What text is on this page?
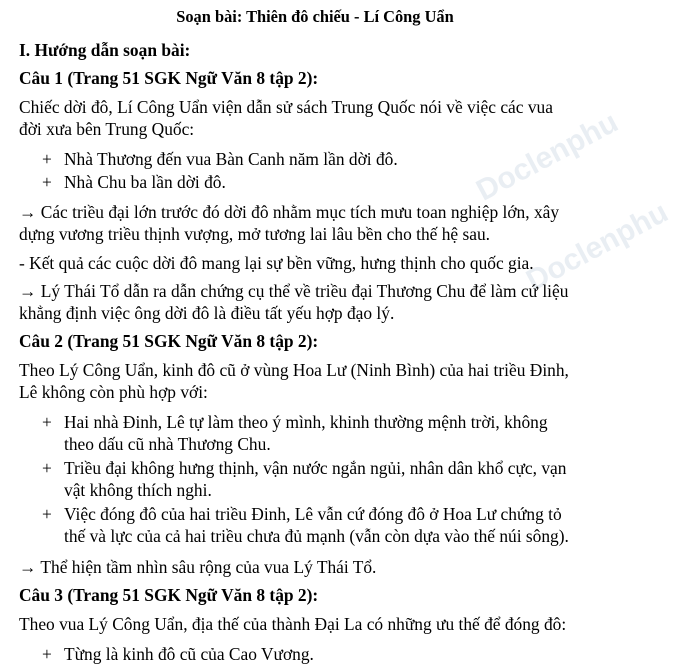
Doclenphu
Doclenphu
Soạn bài: Thiên đô chiếu - Lí Công Uẩn
I. Hướng dẫn soạn bài:
Câu 1 (Trang 51 SGK Ngữ Văn 8 tập 2):
Chiếc dời đô, Lí Công Uẩn viện dẫn sử sách Trung Quốc nói về việc các vua
đời xưa bên Trung Quốc:
+ Nhà Thương đến vua Bàn Canh năm lần dời đô.
+ Nhà Chu ba lần dời đô.
→ Các triều đại lớn trước đó dời đô nhằm mục tích mưu toan nghiệp lớn, xây
dựng vương triều thịnh vượng, mở tương lai lâu bền cho thế hệ sau.
- Kết quả các cuộc dời đô mang lại sự bền vững, hưng thịnh cho quốc gia.
→ Lý Thái Tổ dẫn ra dẫn chứng cụ thể về triều đại Thương Chu để làm cứ liệu
khẳng định việc ông dời đô là điều tất yếu hợp đạo lý.
Câu 2 (Trang 51 SGK Ngữ Văn 8 tập 2):
Theo Lý Công Uẩn, kinh đô cũ ở vùng Hoa Lư (Ninh Bình) của hai triều Đinh,
Lê không còn phù hợp với:
+ Hai nhà Đinh, Lê tự làm theo ý mình, khinh thường mệnh trời, không
theo dấu cũ nhà Thương Chu.
+ Triều đại không hưng thịnh, vận nước ngắn ngủi, nhân dân khổ cực, vạn
vật không thích nghi.
+ Việc đóng đô của hai triều Đinh, Lê vẫn cứ đóng đô ở Hoa Lư chứng tỏ
thế và lực của cả hai triều chưa đủ mạnh (vẫn còn dựa vào thế núi sông).
→ Thể hiện tầm nhìn sâu rộng của vua Lý Thái Tổ.
Câu 3 (Trang 51 SGK Ngữ Văn 8 tập 2):
Theo vua Lý Công Uẩn, địa thế của thành Đại La có những ưu thế để đóng đô:
+ Từng là kinh đô cũ của Cao Vương.
